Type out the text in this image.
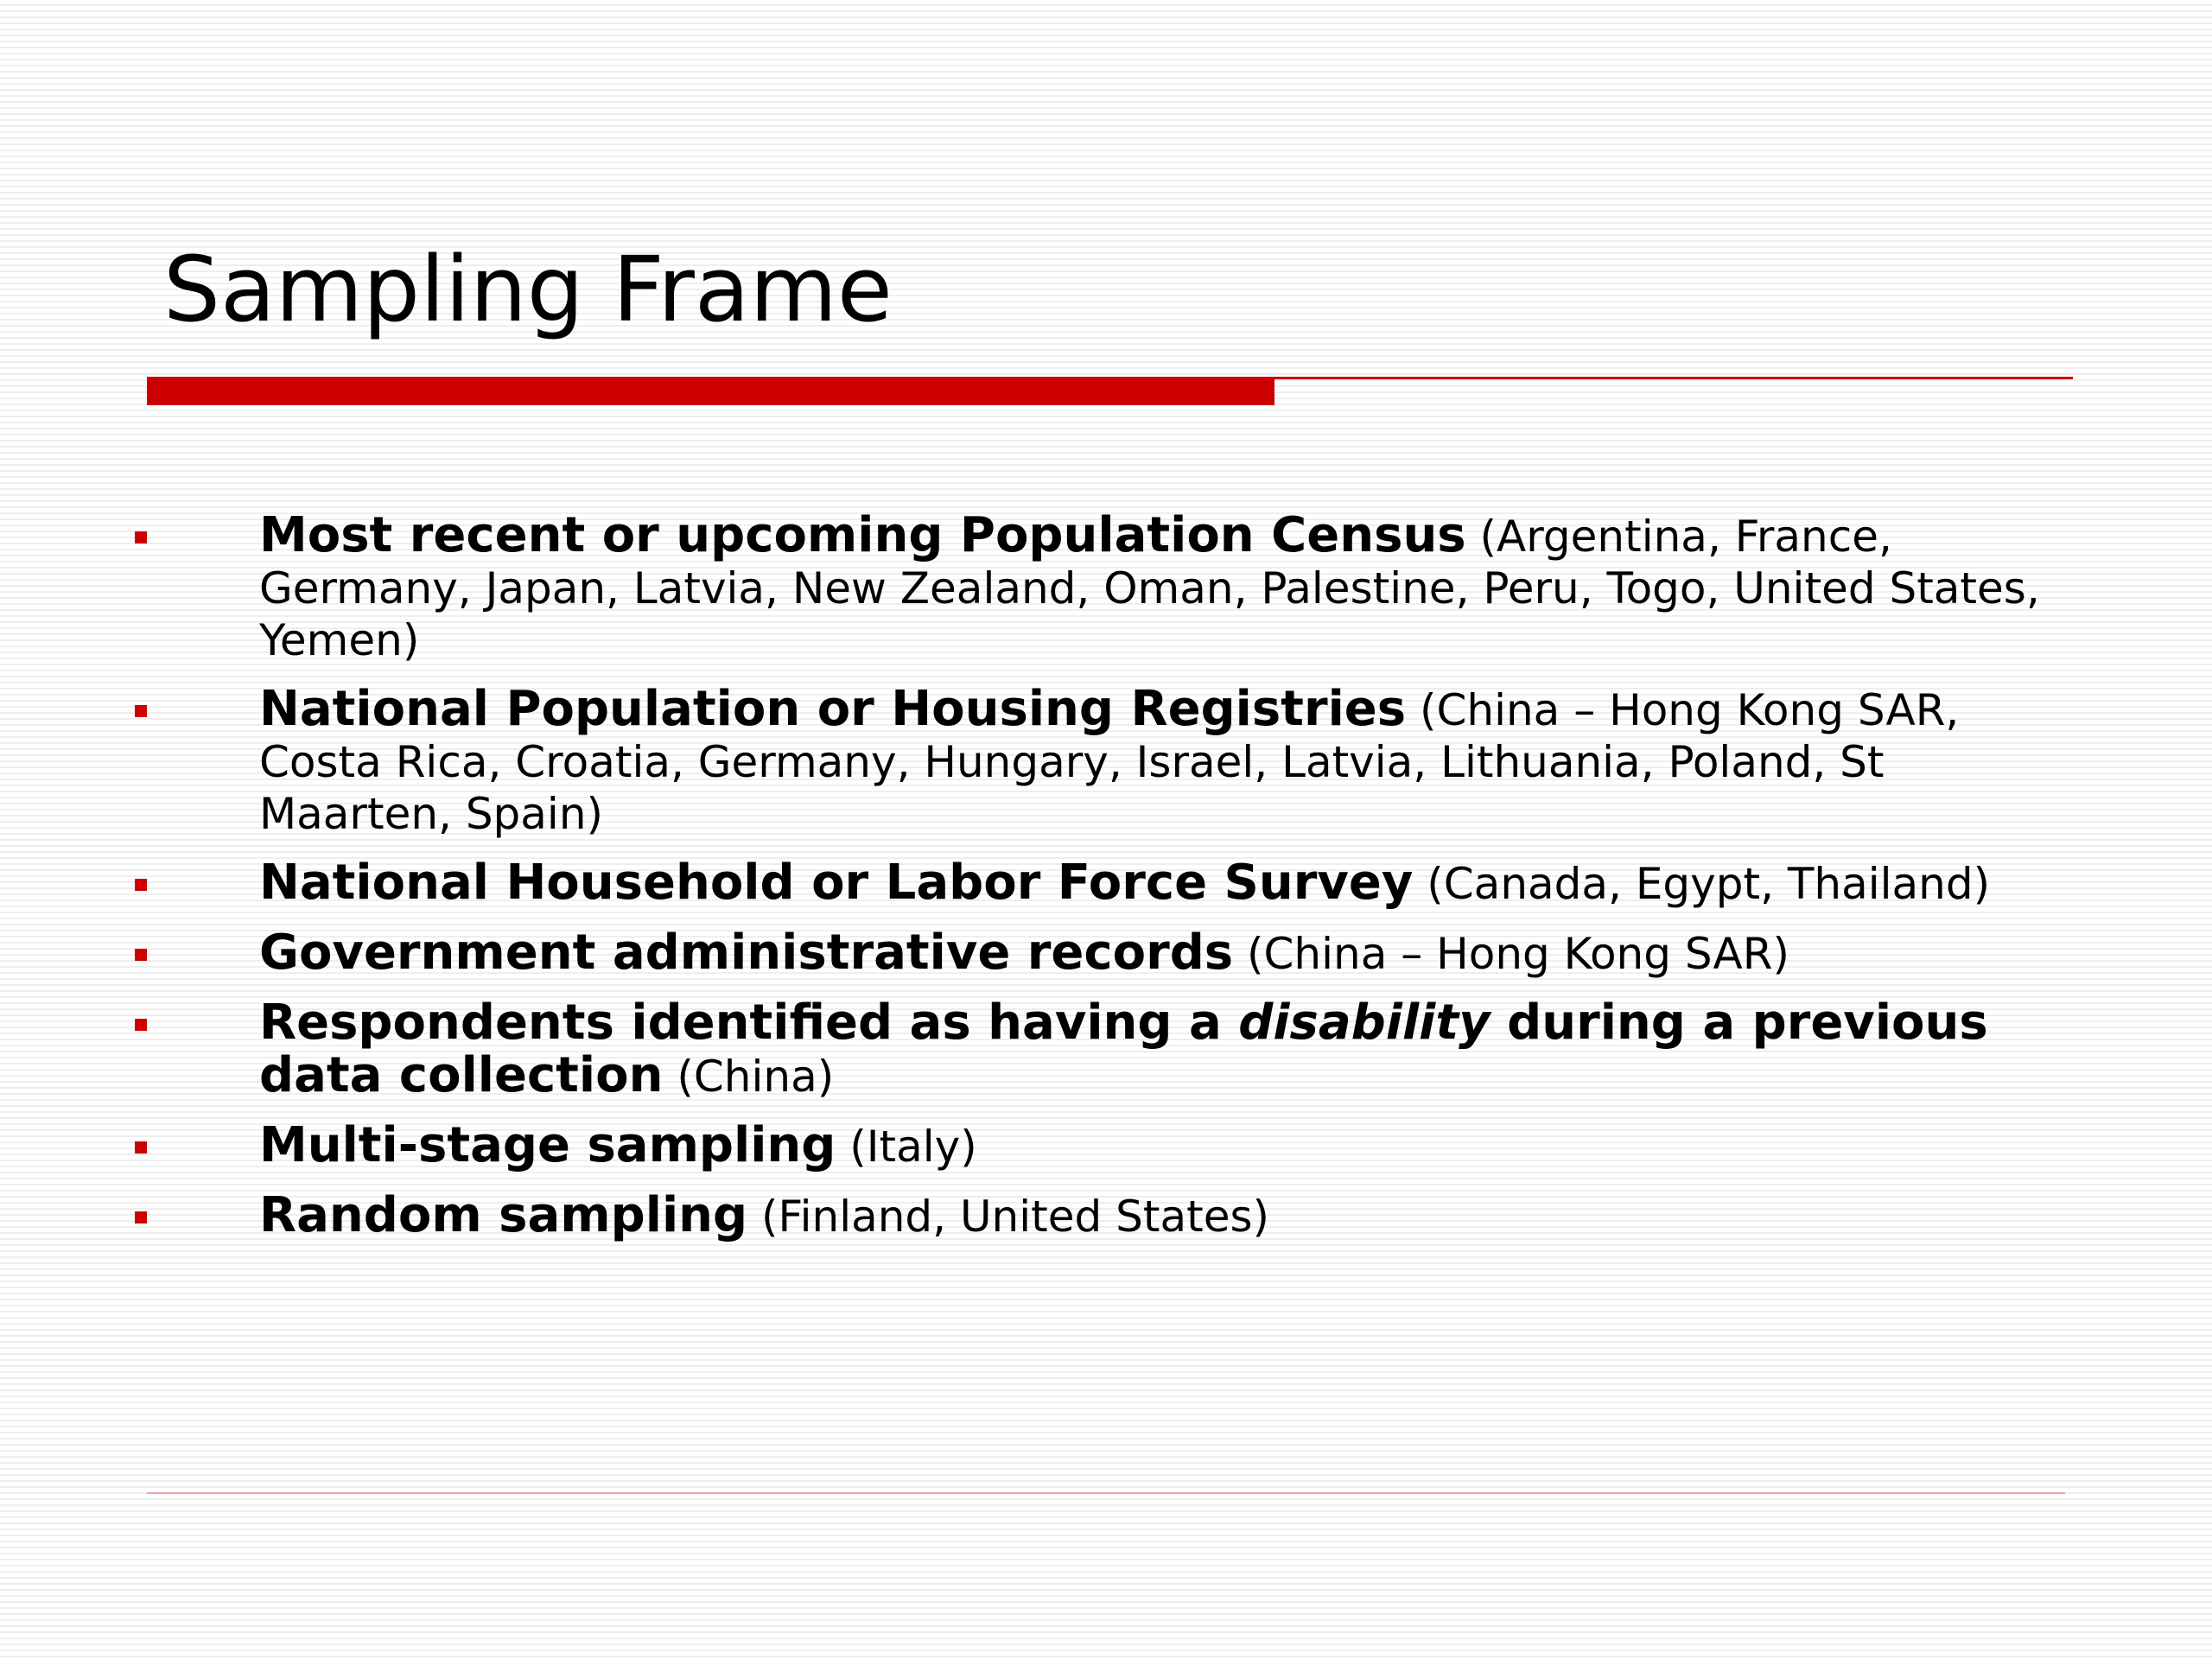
Sampling Frame
Most recent or upcoming Population Census (Argentina, France, Germany, Japan, Latvia, New Zealand, Oman, Palestine, Peru, Togo, United States, Yemen)
National Population or Housing Registries (China – Hong Kong SAR, Costa Rica, Croatia, Germany, Hungary, Israel, Latvia, Lithuania, Poland, St Maarten, Spain)
National Household or Labor Force Survey (Canada, Egypt, Thailand)
Government administrative records (China – Hong Kong SAR)
Respondents identified as having a disability during a previous data collection (China)
Multi-stage sampling (Italy)
Random sampling (Finland, United States)
